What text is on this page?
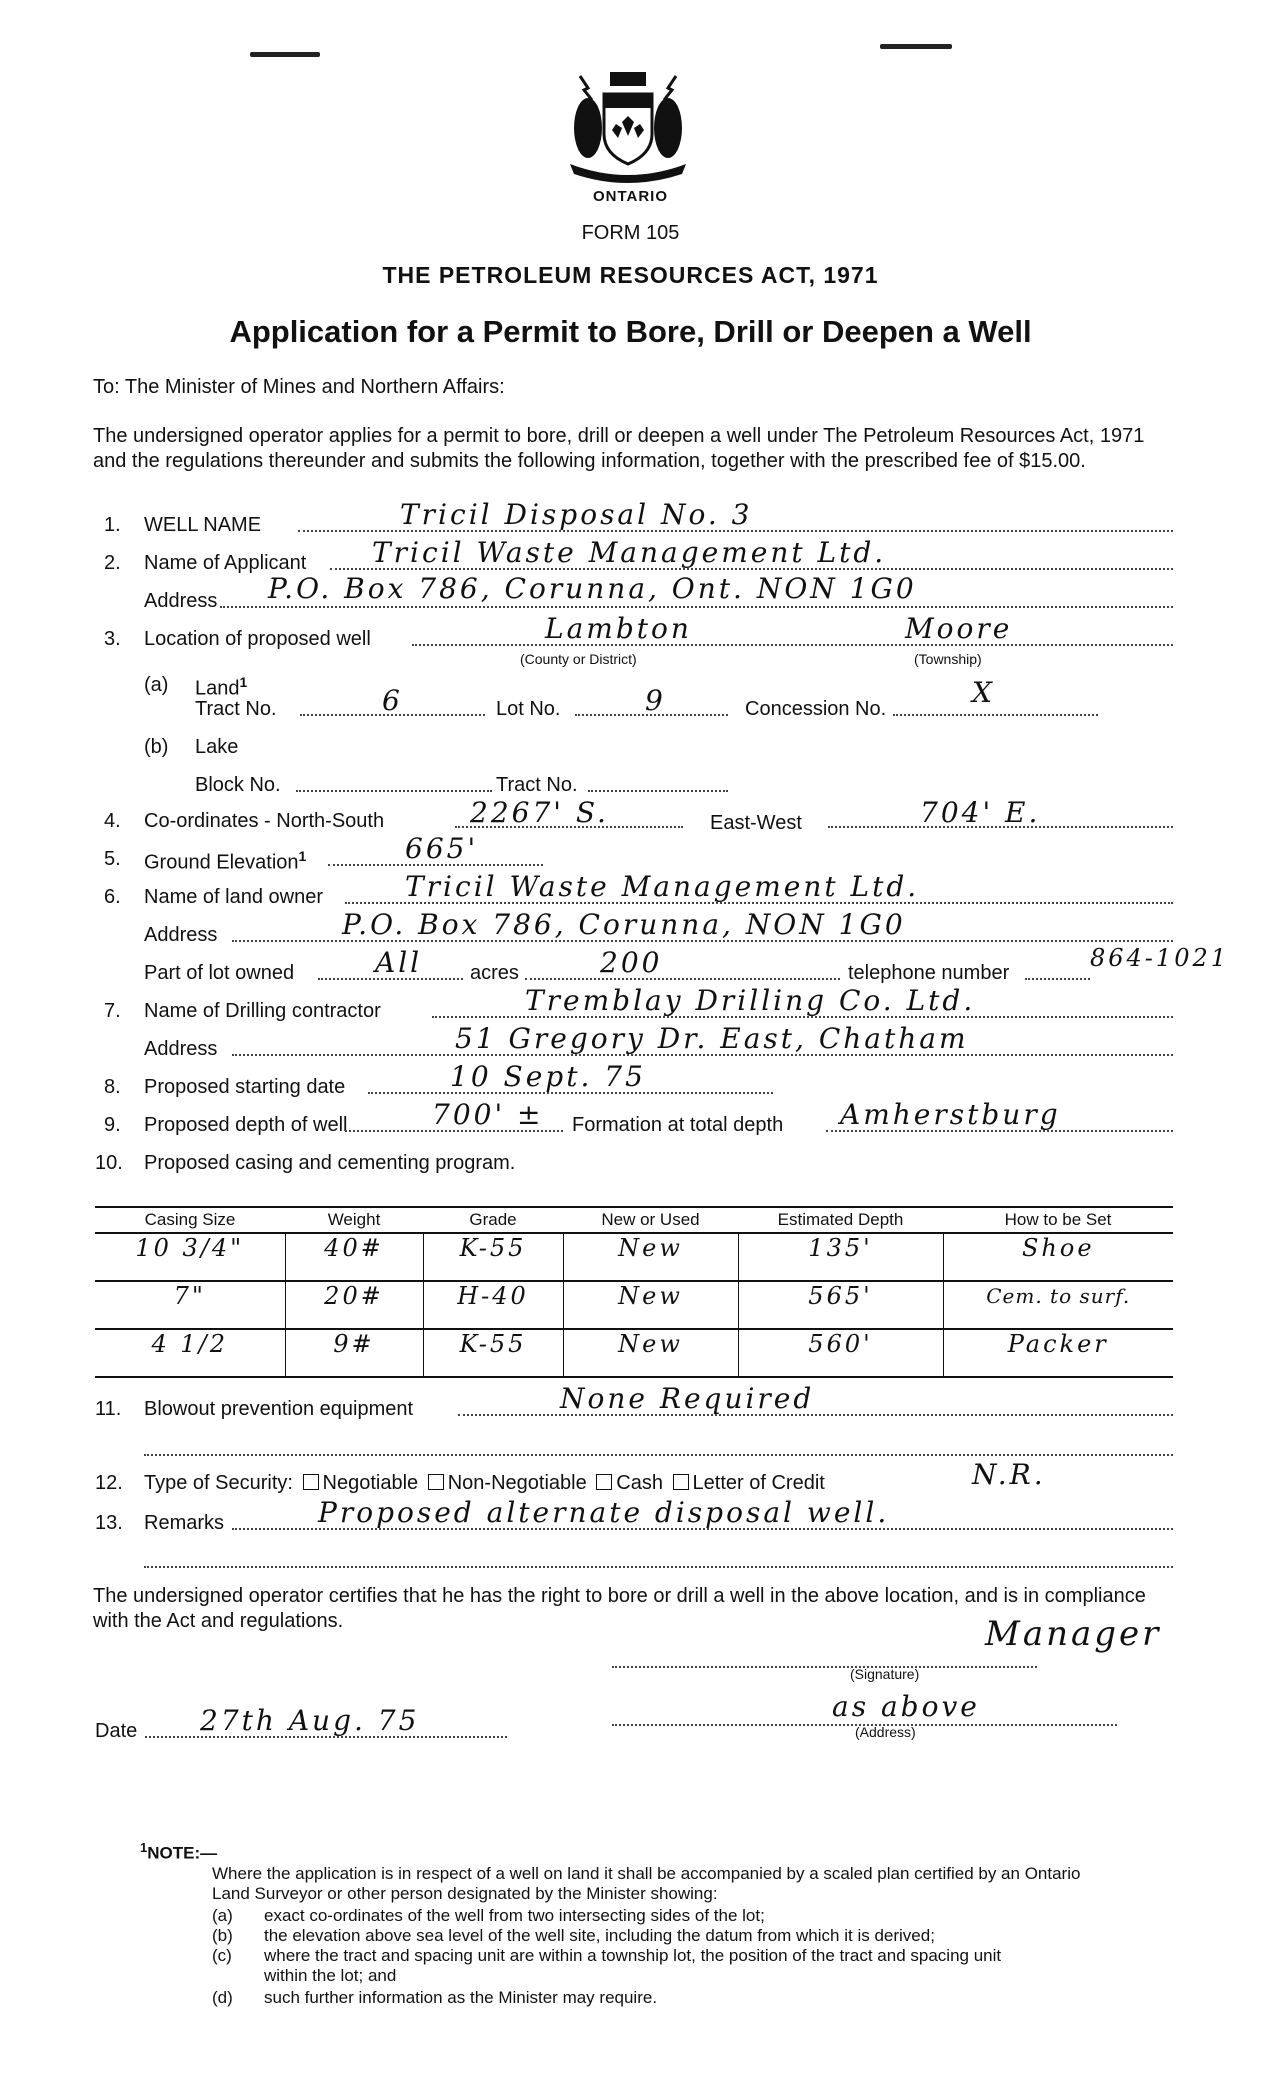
ONTARIO
FORM 105
THE PETROLEUM RESOURCES ACT, 1971
Application for a Permit to Bore, Drill or Deepen a Well
To: The Minister of Mines and Northern Affairs:
The undersigned operator applies for a permit to bore, drill or deepen a well under The Petroleum Resources Act, 1971 and the regulations thereunder and submits the following information, together with the prescribed fee of $15.00.
1. WELL NAME	Tricil Disposal No. 3
2. Name of Applicant Tricil Waste Management Ltd.
Address P.O. Box 786, Corunna, Ont. NON 1G0
3. Location of proposed well	Lambton	Moore
(County or District)	(Township)
(a) Land$^1$
Tract No.	6	Lot No.	9	Concession No.	X
(b) Lake
Block No.	Tract No.
4. Co-ordinates - North-South	2267' S.	East-West	704' E.
5. Ground Elevation$^1$	665'
6. Name of land owner	Tricil Waste Management Ltd.
Address	P.O. Box 786, Corunna, NON 1G0
Part of lot owned	All acres	200	telephone number
864-1021
7. Name of Drilling contractor	Tremblay Drilling Co. Ltd.
Address	51 Gregory Dr. East, Chatham
8. Proposed starting date	10 Sept. 75
9. Proposed depth of well	700' ± Formation at total depth Amherstburg
10. Proposed casing and cementing program.
Casing Size	Weight	Grade	New or Used	Estimated Depth	How to be Set
10 3/4"	40#	K-55	New	135'	Shoe

7"	20#	H-40	New	565'	Cem. to surf.

4 1/2	9#	K-55	New	560'	Packer

11. Blowout prevention equipment	None Required
12. Type of Security: Negotiable Non-Negotiable Cash Letter of Credit	N.R.
13. Remarks	Proposed alternate disposal well.
The undersigned operator certifies that he has the right to bore or drill a well in the above location, and is in compliance with the Act and regulations.	Manager
(Signature)
as above
(Address)
Date 27th Aug. 75
$^1$NOTE:—
Where the application is in respect of a well on land it shall be accompanied by a scaled plan certified by an Ontario Land Surveyor or other person designated by the Minister showing:
(a) exact co-ordinates of the well from two intersecting sides of the lot;
(b) the elevation above sea level of the well site, including the datum from which it is derived;
(c) where the tract and spacing unit are within a township lot, the position of the tract and spacing unit within the lot; and
(d) such further information as the Minister may require.
